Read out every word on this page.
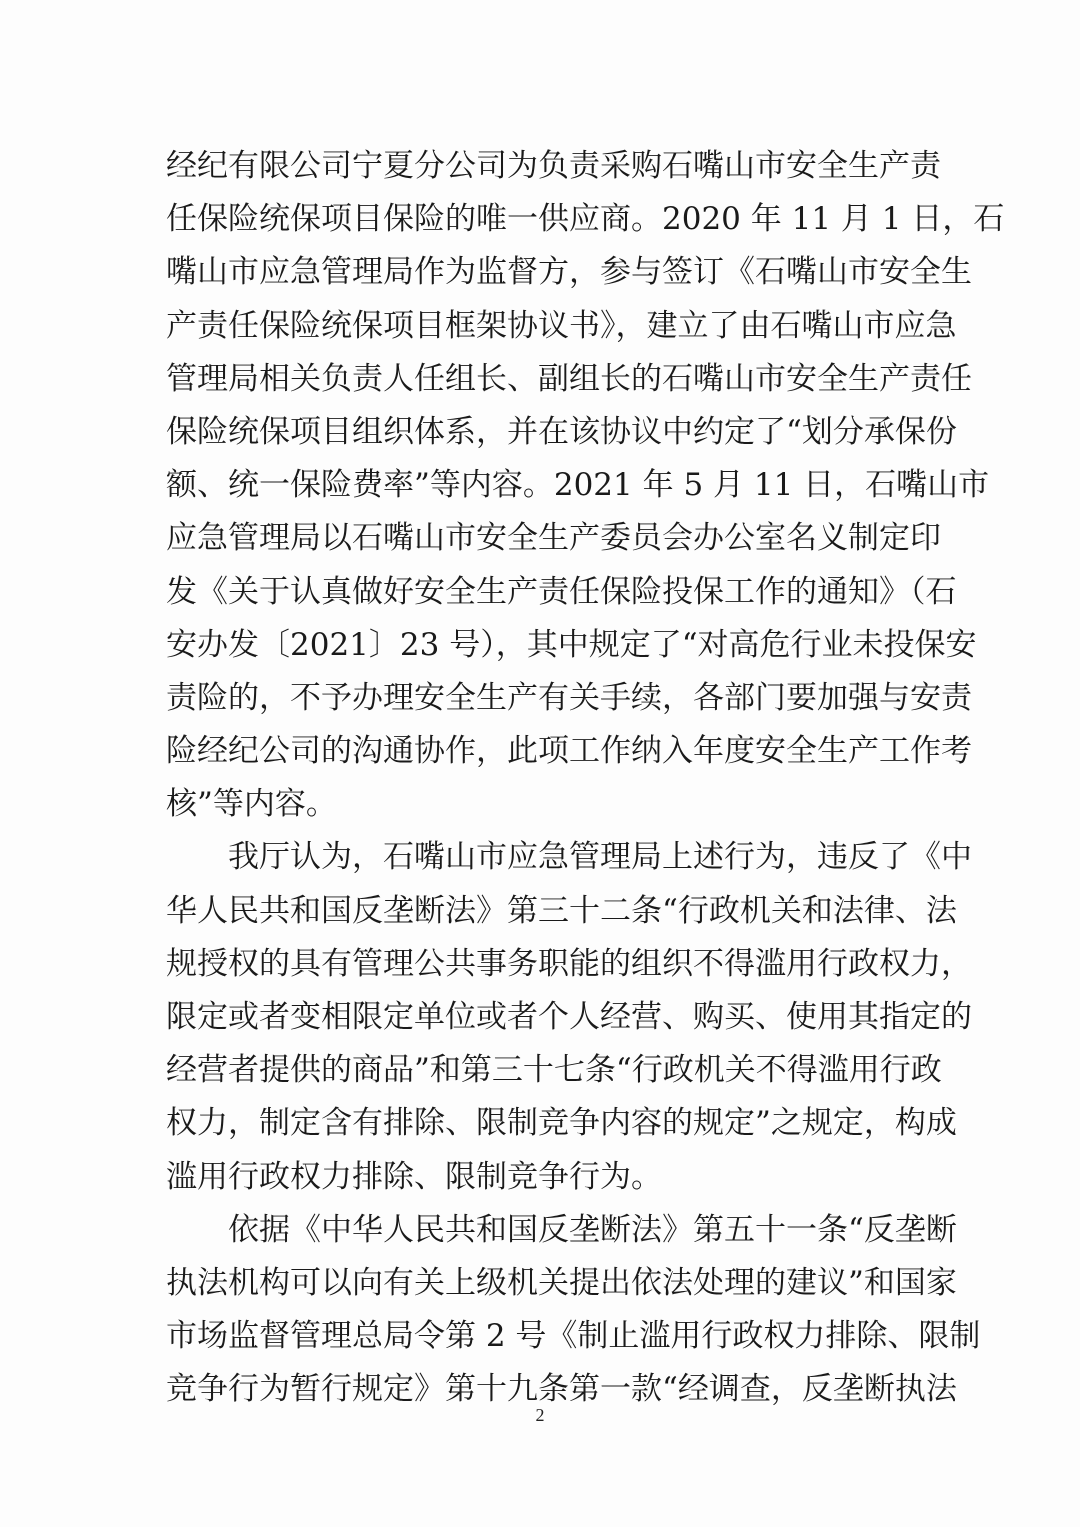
经纪有限公司宁夏分公司为负责采购石嘴山市安全生产责
任保险统保项目保险的唯一供应商。2020 年 11 月 1 日，石
嘴山市应急管理局作为监督方，参与签订《石嘴山市安全生
产责任保险统保项目框架协议书》，建立了由石嘴山市应急
管理局相关负责人任组长、副组长的石嘴山市安全生产责任
保险统保项目组织体系，并在该协议中约定了“划分承保份
额、统一保险费率”等内容。2021 年 5 月 11 日，石嘴山市
应急管理局以石嘴山市安全生产委员会办公室名义制定印
发《关于认真做好安全生产责任保险投保工作的通知》（石
安办发〔2021〕23 号），其中规定了“对高危行业未投保安
责险的，不予办理安全生产有关手续，各部门要加强与安责
险经纪公司的沟通协作，此项工作纳入年度安全生产工作考
核”等内容。
　　我厅认为，石嘴山市应急管理局上述行为，违反了《中
华人民共和国反垄断法》第三十二条“行政机关和法律、法
规授权的具有管理公共事务职能的组织不得滥用行政权力，
限定或者变相限定单位或者个人经营、购买、使用其指定的
经营者提供的商品”和第三十七条“行政机关不得滥用行政
权力，制定含有排除、限制竞争内容的规定”之规定，构成
滥用行政权力排除、限制竞争行为。
　　依据《中华人民共和国反垄断法》第五十一条“反垄断
执法机构可以向有关上级机关提出依法处理的建议”和国家
市场监督管理总局令第 2 号《制止滥用行政权力排除、限制
竞争行为暂行规定》第十九条第一款“经调查，反垄断执法
2
